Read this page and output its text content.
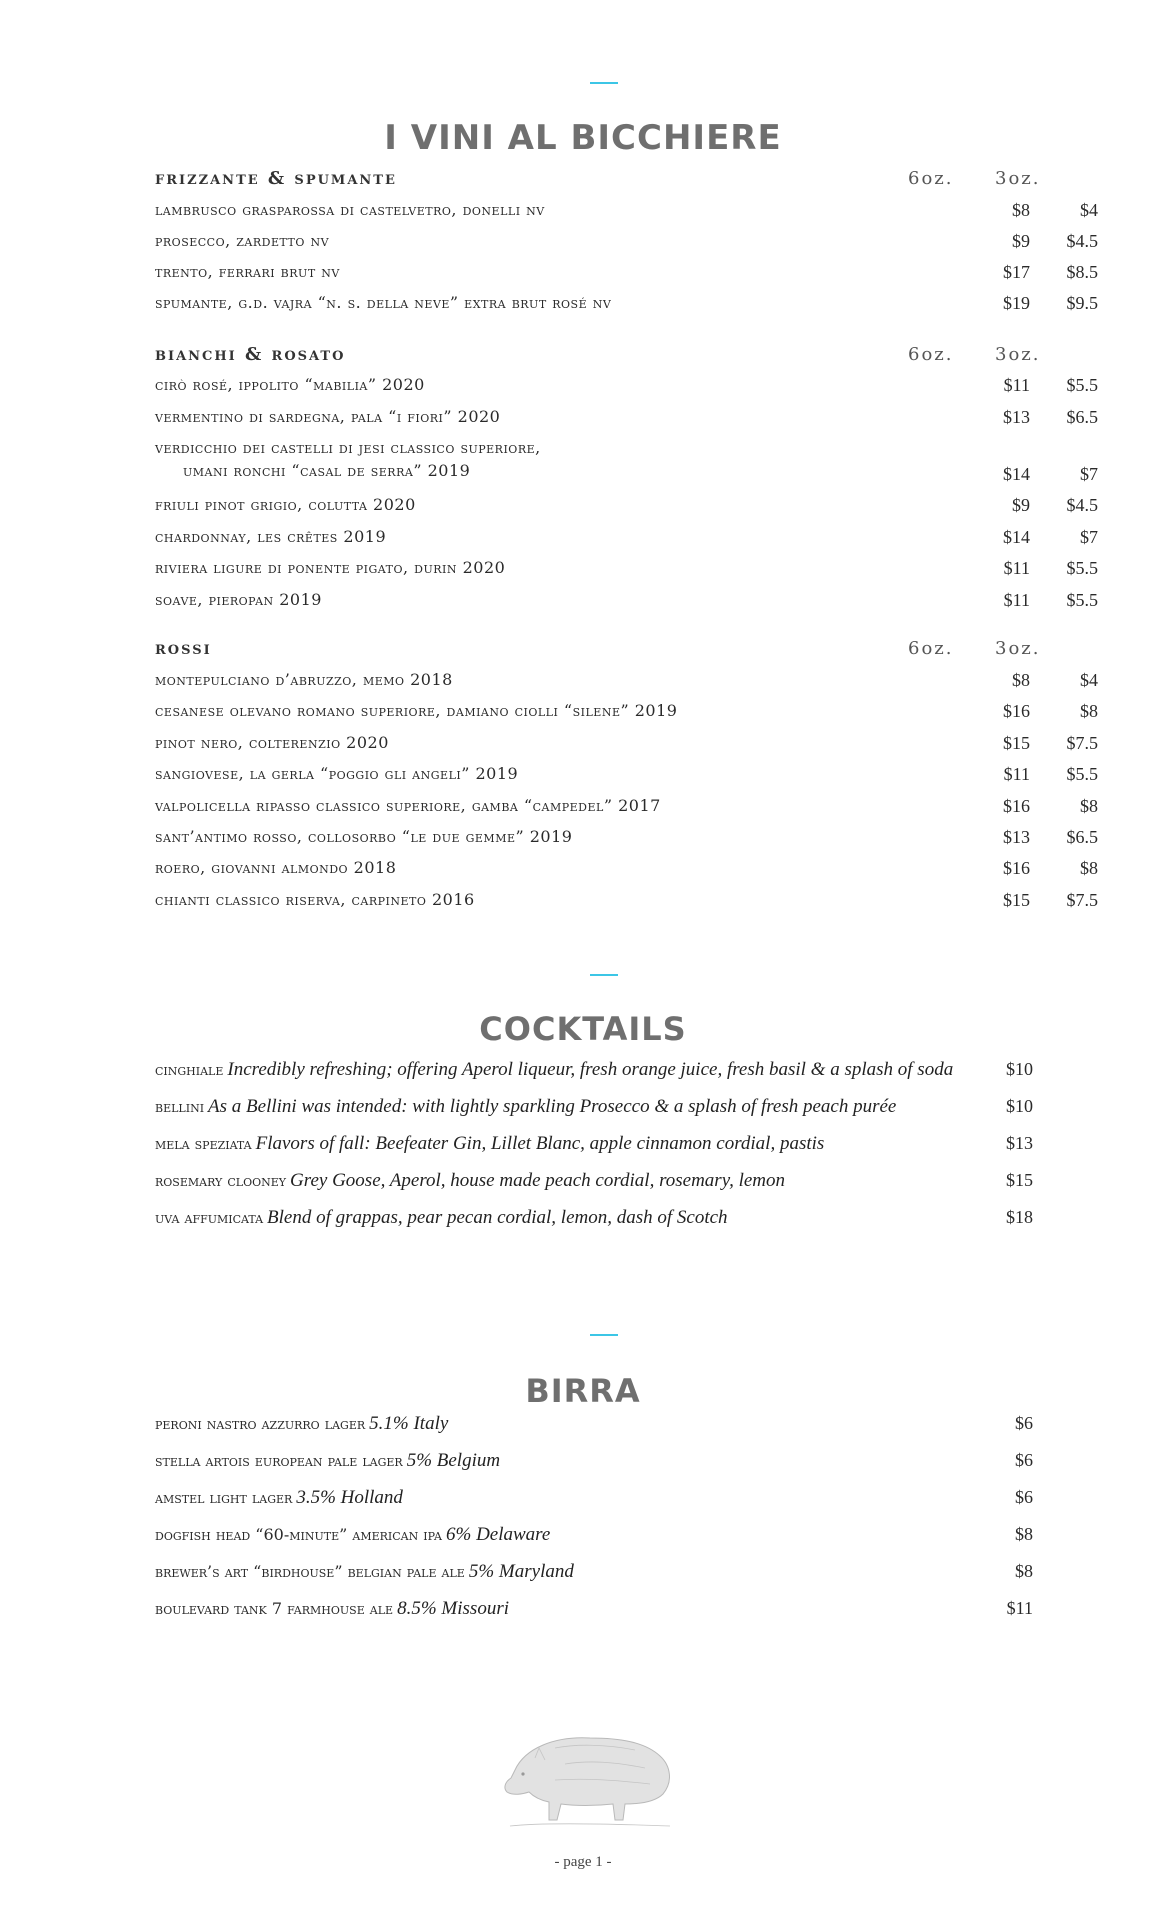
I VINI AL BICCHIERE
frizzante & spumante	6oz. 3oz.
lambrusco grasparossa di castelvetro, donelli nv	$8	$4
prosecco, zardetto nv	$9	$4.5
trento, ferrari brut nv	$17	$8.5
spumante, g.d. vajra “n. s. della neve” extra brut rosé nv	$19	$9.5
bianchi & rosato	6oz. 3oz.
cirò rosé, ippolito “mabilia” 2020	$11	$5.5
vermentino di sardegna, pala “i fiori” 2020	$13	$6.5
verdicchio dei castelli di jesi classico superiore,
umani ronchi “casal de serra” 2019	$14	$7
friuli pinot grigio, colutta 2020	$9	$4.5
chardonnay, les crêtes 2019	$14	$7
riviera ligure di ponente pigato, durin 2020	$11	$5.5
soave, pieropan 2019	$11	$5.5
rossi	6oz. 3oz.
montepulciano d’abruzzo, memo 2018	$8	$4
cesanese olevano romano superiore, damiano ciolli “silene” 2019	$16	$8
pinot nero, colterenzio 2020	$15	$7.5
sangiovese, la gerla “poggio gli angeli” 2019	$11	$5.5
valpolicella ripasso classico superiore, gamba “campedel” 2017	$16	$8
sant’antimo rosso, collosorbo “le due gemme” 2019	$13	$6.5
roero, giovanni almondo 2018	$16	$8
chianti classico riserva, carpineto 2016	$15	$7.5
COCKTAILS
cinghiale Incredibly refreshing; offering Aperol liqueur, fresh orange juice, fresh basil & a splash of soda	$10
bellini As a Bellini was intended: with lightly sparkling Prosecco & a splash of fresh peach purée	$10
mela speziata Flavors of fall: Beefeater Gin, Lillet Blanc, apple cinnamon cordial, pastis	$13
rosemary clooney Grey Goose, Aperol, house made peach cordial, rosemary, lemon	$15
uva affumicata Blend of grappas, pear pecan cordial, lemon, dash of Scotch	$18
BIRRA
peroni nastro azzurro lager 5.1% Italy	$6
stella artois european pale lager 5% Belgium	$6
amstel light lager 3.5% Holland	$6
dogfish head “60-minute” american ipa 6% Delaware	$8
brewer’s art “birdhouse” belgian pale ale 5% Maryland	$8
boulevard tank 7 farmhouse ale 8.5% Missouri	$11
- page 1 -
